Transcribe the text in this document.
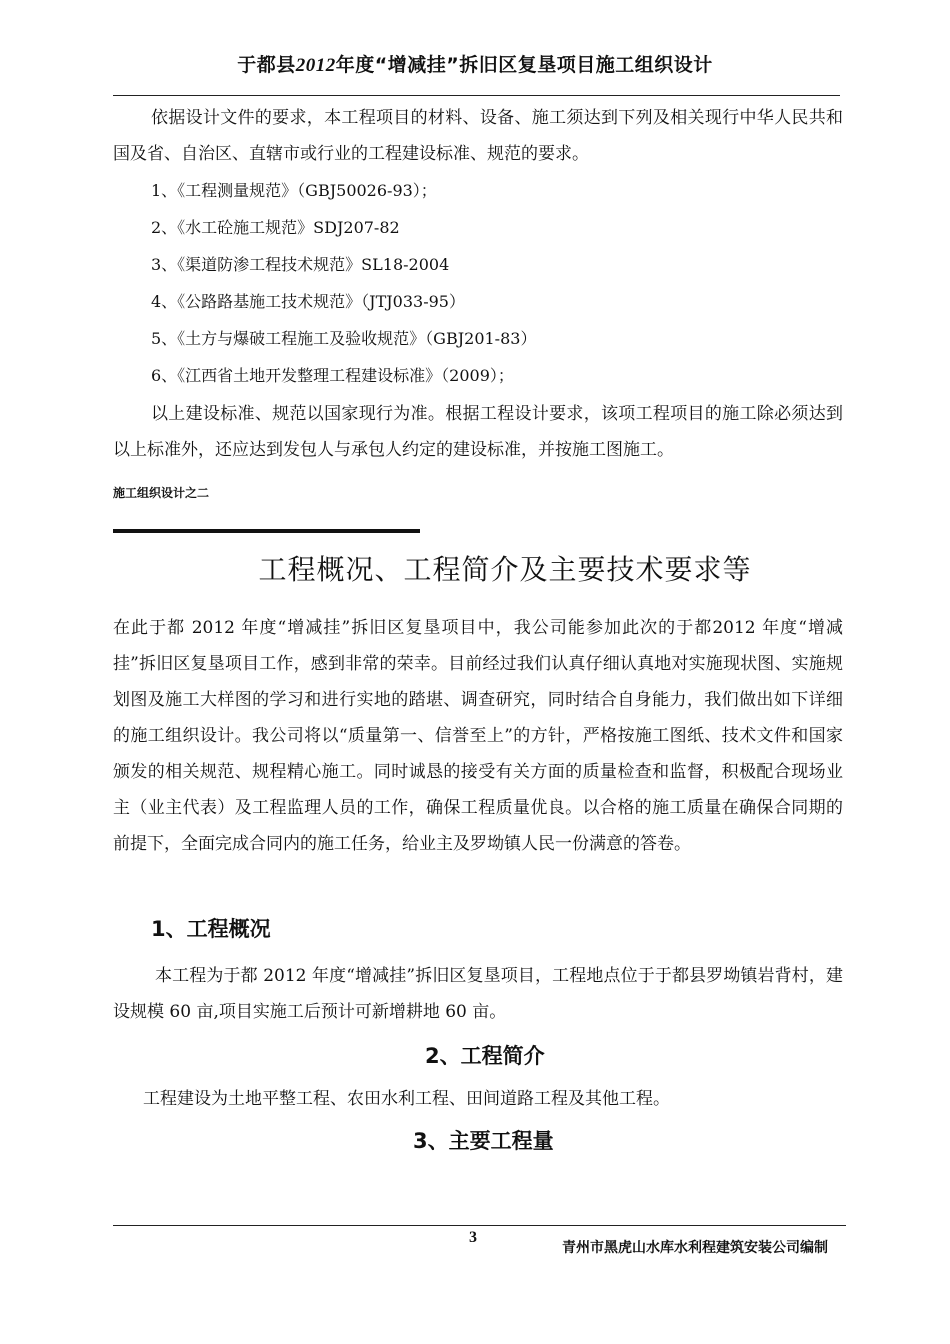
于都县2012年度“增减挂”拆旧区复垦项目施工组织设计
依据设计文件的要求，本工程项目的材料、设备、施工须达到下列及相关现行中华人民共和国及省、自治区、直辖市或行业的工程建设标准、规范的要求。
1、《工程测量规范》（GBJ50026-93）；
2、《水工砼施工规范》SDJ207-82
3、《渠道防渗工程技术规范》SL18-2004
4、《公路路基施工技术规范》（JTJ033-95）
5、《土方与爆破工程施工及验收规范》（GBJ201-83）
6、《江西省土地开发整理工程建设标准》（2009）；
以上建设标准、规范以国家现行为准。根据工程设计要求，该项工程项目的施工除必须达到以上标准外，还应达到发包人与承包人约定的建设标准，并按施工图施工。
施工组织设计之二
工程概况、工程简介及主要技术要求等
在此于都 2012 年度“增减挂”拆旧区复垦项目中，我公司能参加此次的于都2012 年度“增减挂”拆旧区复垦项目工作，感到非常的荣幸。目前经过我们认真仔细认真地对实施现状图、实施规划图及施工大样图的学习和进行实地的踏堪、调查研究，同时结合自身能力，我们做出如下详细的施工组织设计。我公司将以“质量第一、信誉至上”的方针，严格按施工图纸、技术文件和国家颁发的相关规范、规程精心施工。同时诚恳的接受有关方面的质量检查和监督，积极配合现场业主（业主代表）及工程监理人员的工作，确保工程质量优良。以合格的施工质量在确保合同期的前提下，全面完成合同内的施工任务，给业主及罗坳镇人民一份满意的答卷。
1、工程概况
本工程为于都 2012 年度“增减挂”拆旧区复垦项目，工程地点位于于都县罗坳镇岩背村，建设规模 60 亩,项目实施工后预计可新增耕地 60 亩。
2、工程简介
工程建设为土地平整工程、农田水利工程、田间道路工程及其他工程。
3、主要工程量
3
青州市黑虎山水库水利程建筑安装公司编制
